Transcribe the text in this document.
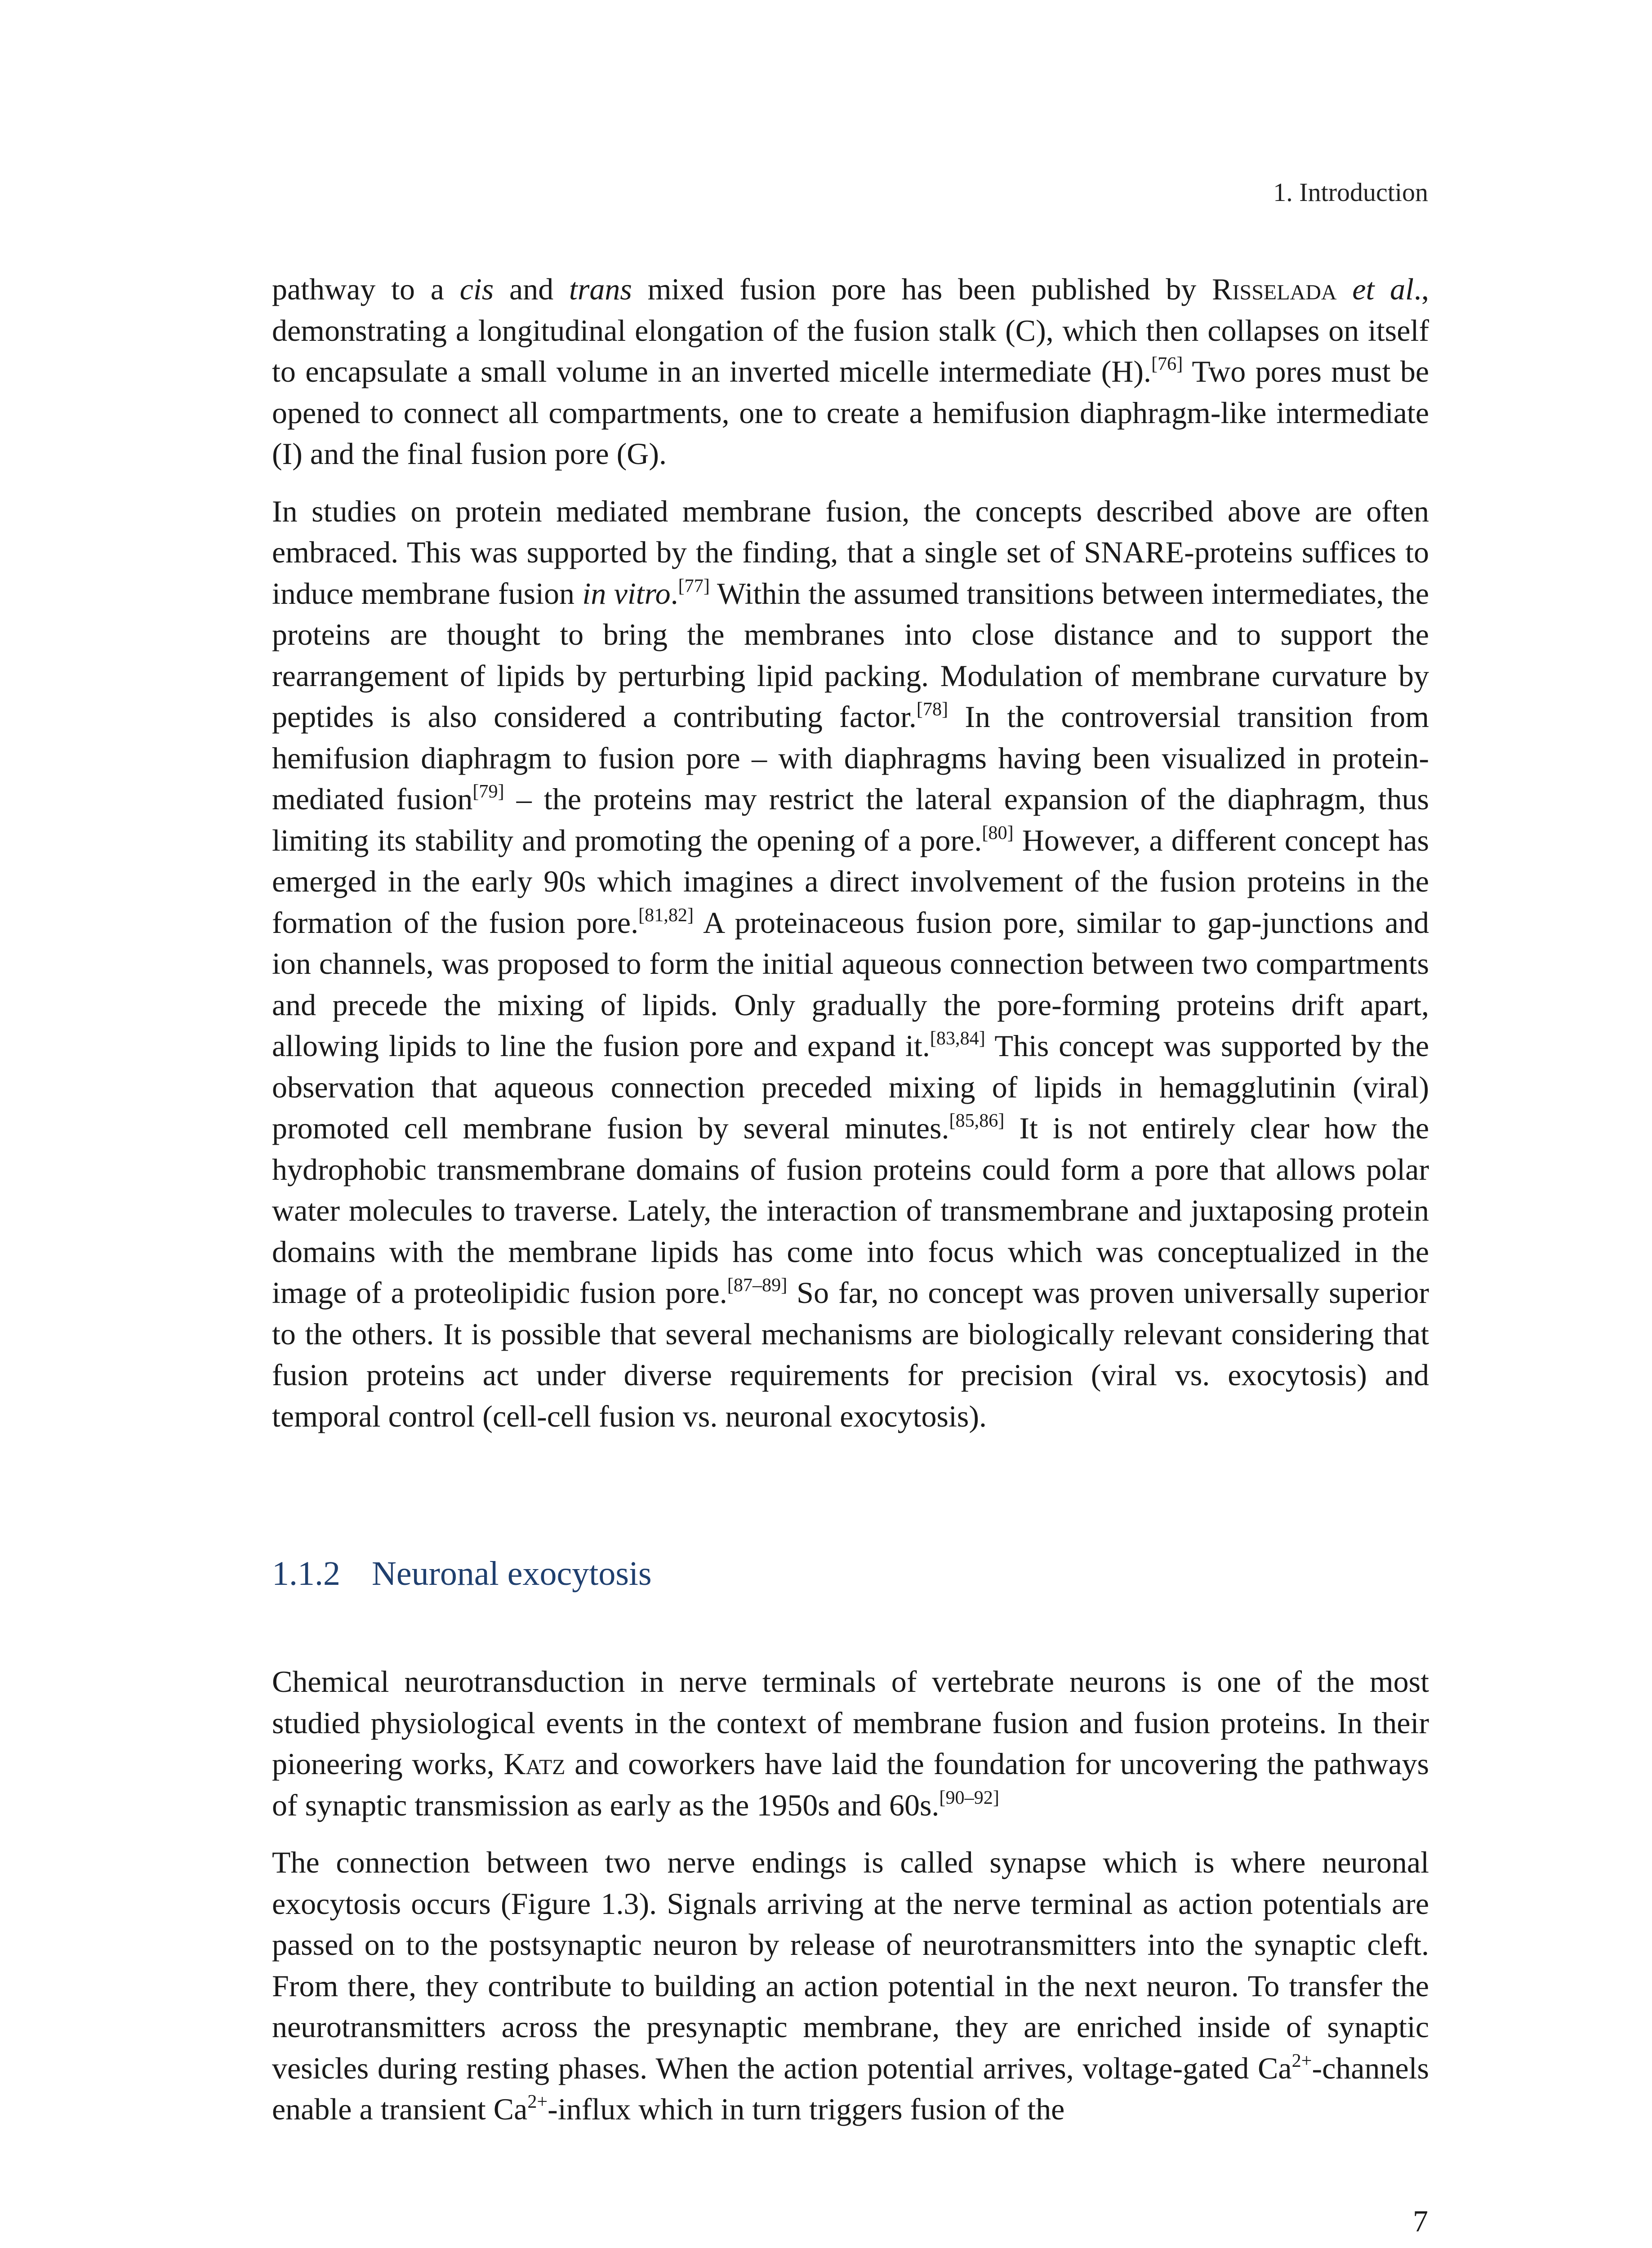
1. Introduction

pathway to a cis and trans mixed fusion pore has been published by Risselada et al., demonstrating a longitudinal elongation of the fusion stalk (C), which then collapses on itself to encapsulate a small volume in an inverted micelle intermediate (H).[76] Two pores must be opened to connect all compartments, one to create a hemifusion diaphragm-like intermediate (I) and the final fusion pore (G).

In studies on protein mediated membrane fusion, the concepts described above are often embraced. This was supported by the finding, that a single set of SNARE-proteins suffices to induce membrane fusion in vitro.[77] Within the assumed transitions between intermediates, the proteins are thought to bring the membranes into close distance and to support the rearrangement of lipids by perturbing lipid packing. Modulation of membrane curvature by peptides is also considered a contributing factor.[78] In the controversial transition from hemifusion diaphragm to fusion pore – with diaphragms having been visualized in protein-mediated fusion[79] – the proteins may restrict the lateral expansion of the diaphragm, thus limiting its stability and promoting the opening of a pore.[80] However, a different concept has emerged in the early 90s which imagines a direct involvement of the fusion proteins in the formation of the fusion pore.[81,82] A proteinaceous fusion pore, similar to gap-junctions and ion channels, was proposed to form the initial aqueous connection between two compartments and precede the mixing of lipids. Only gradually the pore-forming proteins drift apart, allowing lipids to line the fusion pore and expand it.[83,84] This concept was supported by the observation that aqueous connection preceded mixing of lipids in hemagglutinin (viral) promoted cell membrane fusion by several minutes.[85,86] It is not entirely clear how the hydrophobic transmembrane domains of fusion proteins could form a pore that allows polar water molecules to traverse. Lately, the interaction of transmembrane and juxtaposing protein domains with the membrane lipids has come into focus which was conceptualized in the image of a proteolipidic fusion pore.[87–89] So far, no concept was proven universally superior to the others. It is possible that several mechanisms are biologically relevant considering that fusion proteins act under diverse requirements for precision (viral vs. exocytosis) and temporal control (cell-cell fusion vs. neuronal exocytosis).

1.1.2 Neuronal exocytosis

Chemical neurotransduction in nerve terminals of vertebrate neurons is one of the most studied physiological events in the context of membrane fusion and fusion proteins. In their pioneering works, Katz and coworkers have laid the foundation for uncovering the pathways of synaptic transmission as early as the 1950s and 60s.[90–92]

The connection between two nerve endings is called synapse which is where neuronal exocytosis occurs (Figure 1.3). Signals arriving at the nerve terminal as action potentials are passed on to the postsynaptic neuron by release of neurotransmitters into the synaptic cleft. From there, they contribute to building an action potential in the next neuron. To transfer the neurotransmitters across the presynaptic membrane, they are enriched inside of synaptic vesicles during resting phases. When the action potential arrives, voltage-gated $Ca^{2+}$-channels enable a transient $Ca^{2+}$-influx which in turn triggers fusion of the

7
